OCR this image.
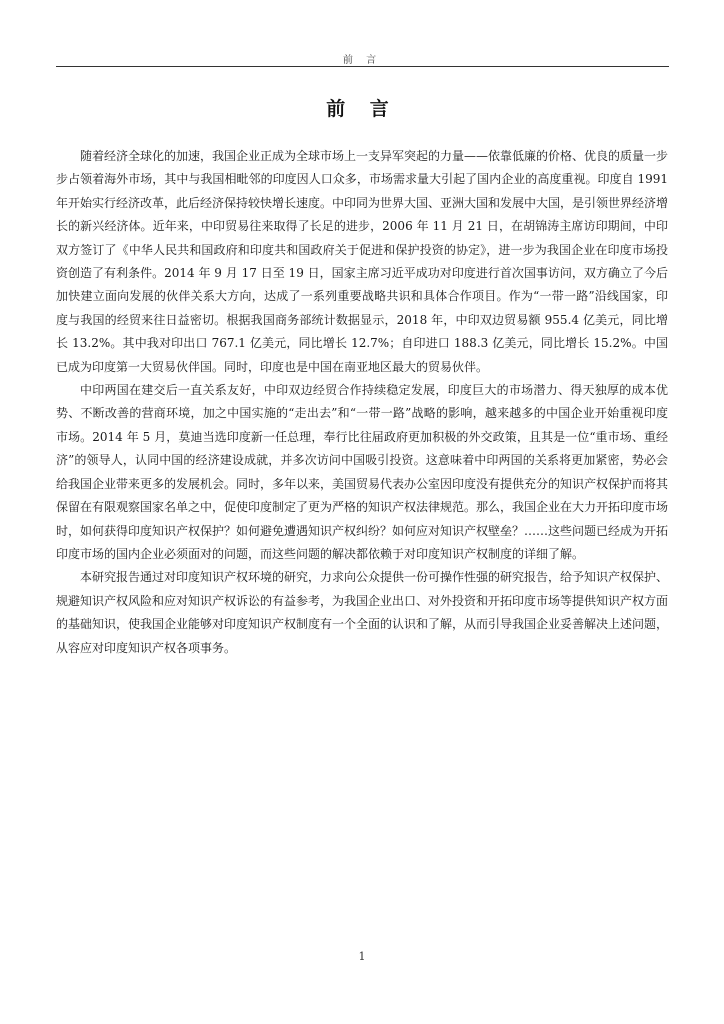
前 言
前 言

随着经济全球化的加速，我国企业正成为全球市场上一支异军突起的力量——依靠低廉的价格、优良的质量一步步占领着海外市场，其中与我国相毗邻的印度因人口众多，市场需求量大引起了国内企业的高度重视。印度自 1991 年开始实行经济改革，此后经济保持较快增长速度。中印同为世界大国、亚洲大国和发展中大国，是引领世界经济增长的新兴经济体。近年来，中印贸易往来取得了长足的进步，2006 年 11 月 21 日，在胡锦涛主席访印期间，中印双方签订了《中华人民共和国政府和印度共和国政府关于促进和保护投资的协定》，进一步为我国企业在印度市场投资创造了有利条件。2014 年 9 月 17 日至 19 日，国家主席习近平成功对印度进行首次国事访问，双方确立了今后加快建立面向发展的伙伴关系大方向，达成了一系列重要战略共识和具体合作项目。作为“一带一路”沿线国家，印度与我国的经贸来往日益密切。根据我国商务部统计数据显示，2018 年，中印双边贸易额 955.4 亿美元，同比增长 13.2%。其中我对印出口 767.1 亿美元，同比增长 12.7%；自印进口 188.3 亿美元，同比增长 15.2%。中国已成为印度第一大贸易伙伴国。同时，印度也是中国在南亚地区最大的贸易伙伴。

中印两国在建交后一直关系友好，中印双边经贸合作持续稳定发展，印度巨大的市场潜力、得天独厚的成本优势、不断改善的营商环境，加之中国实施的“走出去”和“一带一路”战略的影响，越来越多的中国企业开始重视印度市场。2014 年 5 月，莫迪当选印度新一任总理，奉行比往届政府更加积极的外交政策，且其是一位“重市场、重经济”的领导人，认同中国的经济建设成就，并多次访问中国吸引投资。这意味着中印两国的关系将更加紧密，势必会给我国企业带来更多的发展机会。同时，多年以来，美国贸易代表办公室因印度没有提供充分的知识产权保护而将其保留在有限观察国家名单之中，促使印度制定了更为严格的知识产权法律规范。那么，我国企业在大力开拓印度市场时，如何获得印度知识产权保护？如何避免遭遇知识产权纠纷？如何应对知识产权壁垒？……这些问题已经成为开拓印度市场的国内企业必须面对的问题，而这些问题的解决都依赖于对印度知识产权制度的详细了解。

本研究报告通过对印度知识产权环境的研究，力求向公众提供一份可操作性强的研究报告，给予知识产权保护、规避知识产权风险和应对知识产权诉讼的有益参考，为我国企业出口、对外投资和开拓印度市场等提供知识产权方面的基础知识，使我国企业能够对印度知识产权制度有一个全面的认识和了解，从而引导我国企业妥善解决上述问题，从容应对印度知识产权各项事务。

1
